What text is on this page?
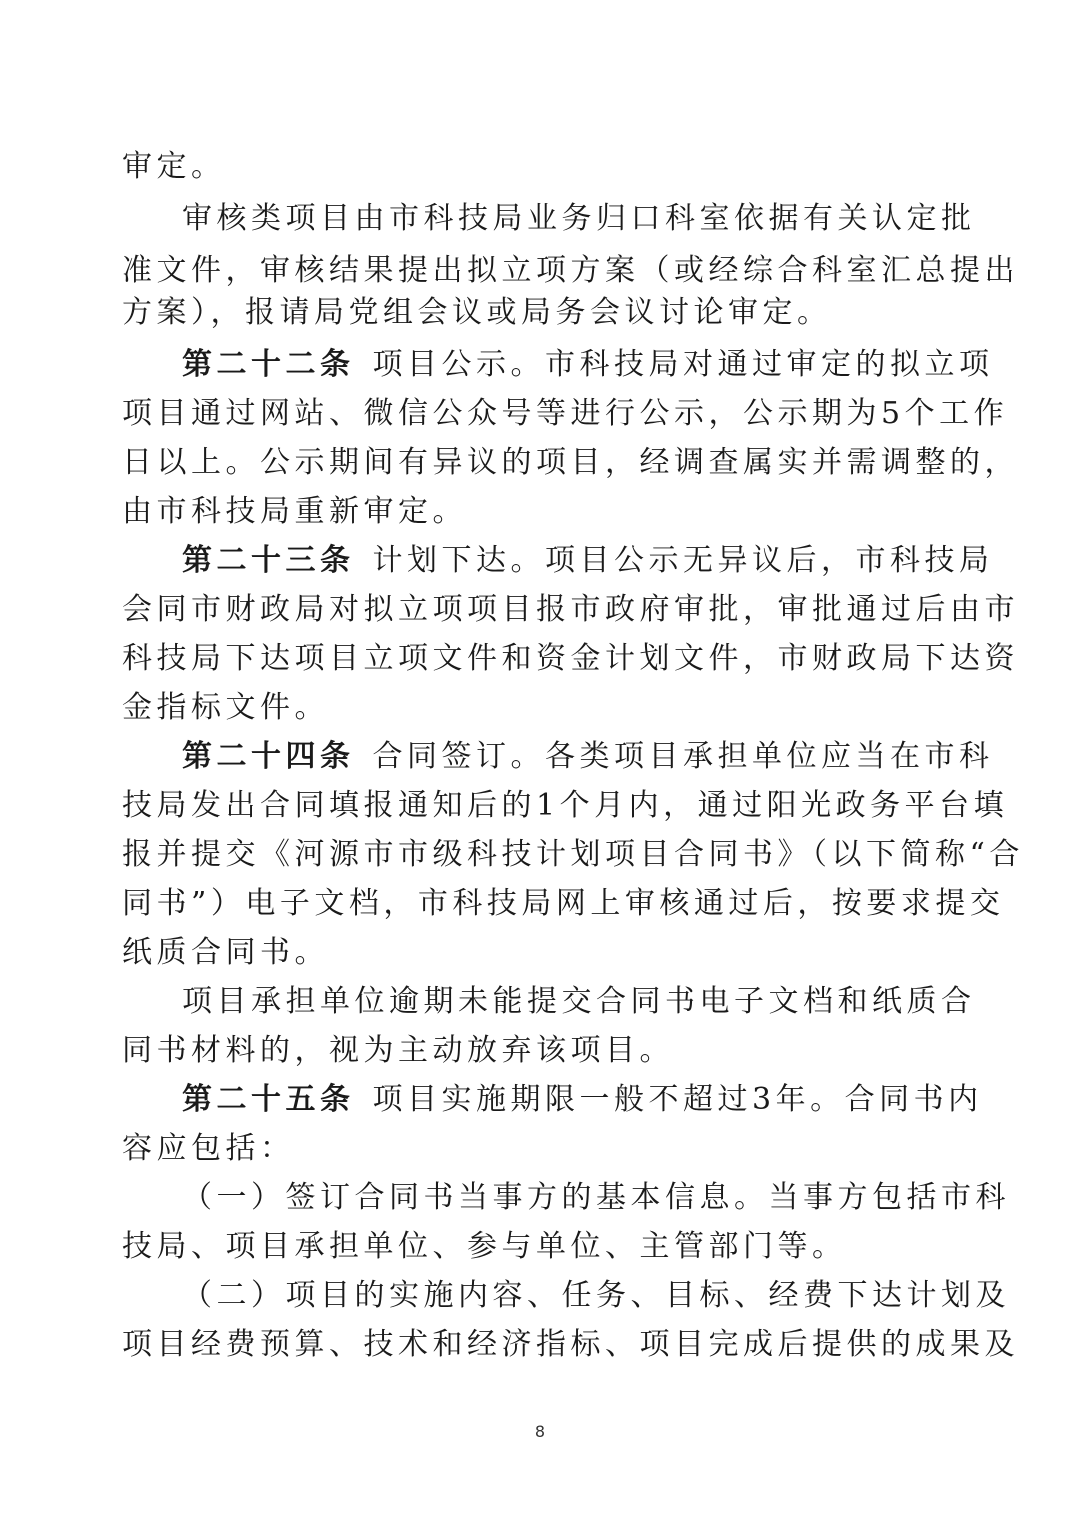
审定。
审核类项目由市科技局业务归口科室依据有关认定批
准文件，审核结果提出拟立项方案（或经综合科室汇总提出
方案），报请局党组会议或局务会议讨论审定。
第二十二条 项目公示。市科技局对通过审定的拟立项
项目通过网站、微信公众号等进行公示，公示期为5个工作
日以上。公示期间有异议的项目，经调查属实并需调整的，
由市科技局重新审定。
第二十三条 计划下达。项目公示无异议后，市科技局
会同市财政局对拟立项项目报市政府审批，审批通过后由市
科技局下达项目立项文件和资金计划文件，市财政局下达资
金指标文件。
第二十四条 合同签订。各类项目承担单位应当在市科
技局发出合同填报通知后的1个月内，通过阳光政务平台填
报并提交《河源市市级科技计划项目合同书》（以下简称“合
同书”）电子文档，市科技局网上审核通过后，按要求提交
纸质合同书。
项目承担单位逾期未能提交合同书电子文档和纸质合
同书材料的，视为主动放弃该项目。
第二十五条 项目实施期限一般不超过3年。合同书内
容应包括：
（一）签订合同书当事方的基本信息。当事方包括市科
技局、项目承担单位、参与单位、主管部门等。
（二）项目的实施内容、任务、目标、经费下达计划及
项目经费预算、技术和经济指标、项目完成后提供的成果及
8
